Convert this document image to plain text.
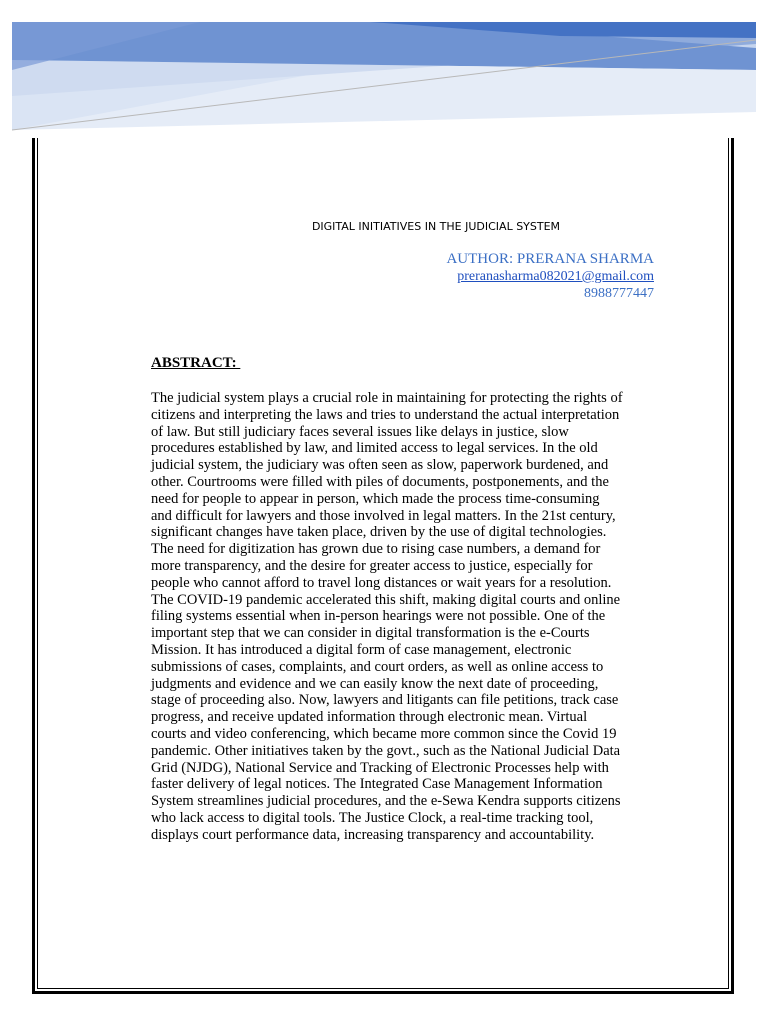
DIGITAL INITIATIVES IN THE JUDICIAL SYSTEM
AUTHOR: PRERANA SHARMA
preranasharma082021@gmail.com
8988777447
ABSTRACT:
The judicial system plays a crucial role in maintaining for protecting the rights of
citizens and interpreting the laws and tries to understand the actual interpretation
of law. But still judiciary faces several issues like delays in justice, slow
procedures established by law, and limited access to legal services. In the old
judicial system, the judiciary was often seen as slow, paperwork burdened, and
other. Courtrooms were filled with piles of documents, postponements, and the
need for people to appear in person, which made the process time-consuming
and difficult for lawyers and those involved in legal matters. In the 21st century,
significant changes have taken place, driven by the use of digital technologies.
The need for digitization has grown due to rising case numbers, a demand for
more transparency, and the desire for greater access to justice, especially for
people who cannot afford to travel long distances or wait years for a resolution.
The COVID-19 pandemic accelerated this shift, making digital courts and online
filing systems essential when in-person hearings were not possible. One of the
important step that we can consider in digital transformation is the e-Courts
Mission. It has introduced a digital form of case management, electronic
submissions of cases, complaints, and court orders, as well as online access to
judgments and evidence and we can easily know the next date of proceeding,
stage of proceeding also. Now, lawyers and litigants can file petitions, track case
progress, and receive updated information through electronic mean. Virtual
courts and video conferencing, which became more common since the Covid 19
pandemic. Other initiatives taken by the govt., such as the National Judicial Data
Grid (NJDG), National Service and Tracking of Electronic Processes help with
faster delivery of legal notices. The Integrated Case Management Information
System streamlines judicial procedures, and the e-Sewa Kendra supports citizens
who lack access to digital tools. The Justice Clock, a real-time tracking tool,
displays court performance data, increasing transparency and accountability.
